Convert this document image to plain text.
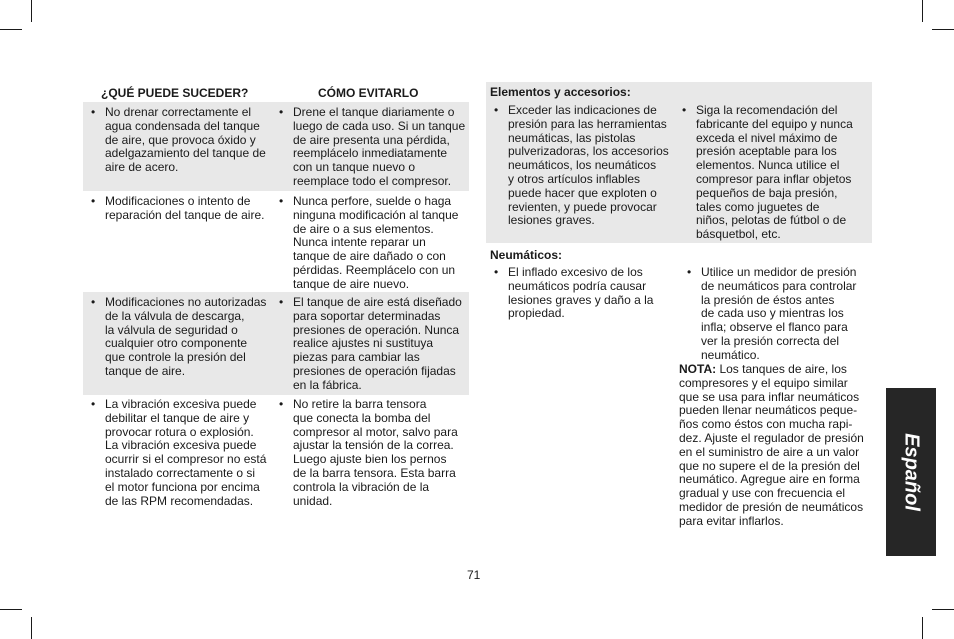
¿QUÉ PUEDE SUCEDER?	CÓMO EVITARLO
• No drenar correctamente el
agua condensada del tanque
de aire, que provoca óxido y
adelgazamiento del tanque de
aire de acero.
• Drene el tanque diariamente o
luego de cada uso. Si un tanque
de aire presenta una pérdida,
reemplácelo inmediatamente
con un tanque nuevo o
reemplace todo el compresor.
• Modificaciones o intento de
reparación del tanque de aire.
• Nunca perfore, suelde o haga
ninguna modificación al tanque
de aire o a sus elementos.
Nunca intente reparar un
tanque de aire dañado o con
pérdidas. Reemplácelo con un
tanque de aire nuevo.
• Modificaciones no autorizadas
de la válvula de descarga,
la válvula de seguridad o
cualquier otro componente
que controle la presión del
tanque de aire.
• El tanque de aire está diseñado
para soportar determinadas
presiones de operación. Nunca
realice ajustes ni sustituya
piezas para cambiar las
presiones de operación fijadas
en la fábrica.
• La vibración excesiva puede
debilitar el tanque de aire y
provocar rotura o explosión.
La vibración excesiva puede
ocurrir si el compresor no está
instalado correctamente o si
el motor funciona por encima
de las RPM recomendadas.
• No retire la barra tensora
que conecta la bomba del
compresor al motor, salvo para
ajustar la tensión de la correa.
Luego ajuste bien los pernos
de la barra tensora. Esta barra
controla la vibración de la
unidad.
Elementos y accesorios:
• Exceder las indicaciones de
presión para las herramientas
neumáticas, las pistolas
pulverizadoras, los accesorios
neumáticos, los neumáticos
y otros artículos inflables
puede hacer que exploten o
revienten, y puede provocar
lesiones graves.
• Siga la recomendación del
fabricante del equipo y nunca
exceda el nivel máximo de
presión aceptable para los
elementos. Nunca utilice el
compresor para inflar objetos
pequeños de baja presión,
tales como juguetes de
niños, pelotas de fútbol o de
básquetbol, etc.
Neumáticos:
• El inflado excesivo de los
neumáticos podría causar
lesiones graves y daño a la
propiedad.
• Utilice un medidor de presión
de neumáticos para controlar
la presión de éstos antes
de cada uso y mientras los
infla; observe el flanco para
ver la presión correcta del
neumático.
NOTA: Los tanques de aire, los
compresores y el equipo similar
que se usa para inflar neumáticos
pueden llenar neumáticos peque-
ños como éstos con mucha rapi-
dez. Ajuste el regulador de presión
en el suministro de aire a un valor
que no supere el de la presión del
neumático. Agregue aire en forma
gradual y use con frecuencia el
medidor de presión de neumáticos
para evitar inflarlos.
Español
71
